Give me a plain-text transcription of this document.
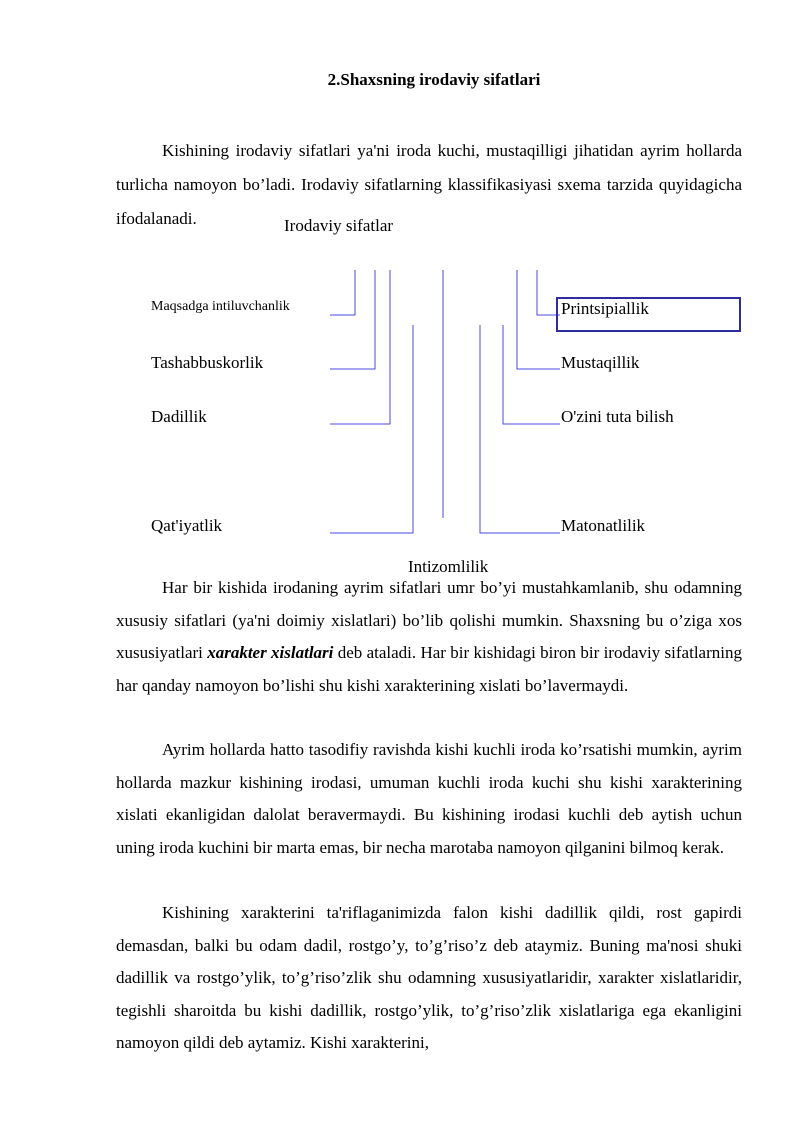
2.Shaxsning irodaviy sifatlari

Kishining irodaviy sifatlari ya'ni iroda kuchi, mustaqilligi jihatidan ayrim hollarda turlicha namoyon bo’ladi. Irodaviy sifatlarning klassifikasiyasi sxema tarzida quyidagicha ifodalanadi.	Irodaviy sifatlar
Maqsadga intiluvchanlik
Tashabbuskorlik
Dadillik
Qat'iyatlik
Printsipiallik
Mustaqillik
O'zini tuta bilish
Matonatlilik
Intizomlilik

Har bir kishida irodaning ayrim sifatlari umr bo’yi mustahkamlanib, shu odamning xususiy sifatlari (ya'ni doimiy xislatlari) bo’lib qolishi mumkin. Shaxsning bu o’ziga xos xususiyatlari xarakter xislatlari deb ataladi. Har bir kishidagi biron bir irodaviy sifatlarning har qanday namoyon bo’lishi shu kishi xarakterining xislati bo’lavermaydi.

Ayrim hollarda hatto tasodifiy ravishda kishi kuchli iroda ko’rsatishi mumkin, ayrim hollarda mazkur kishining irodasi, umuman kuchli iroda kuchi shu kishi xarakterining xislati ekanligidan dalolat beravermaydi. Bu kishining irodasi kuchli deb aytish uchun uning iroda kuchini bir marta emas, bir necha marotaba namoyon qilganini bilmoq kerak.

Kishining xarakterini ta'riflaganimizda falon kishi dadillik qildi, rost gapirdi demasdan, balki bu odam dadil, rostgo’y, to’g’riso’z deb ataymiz. Buning ma'nosi shuki dadillik va rostgo’ylik, to’g’riso’zlik shu odamning xususiyatlaridir, xarakter xislatlaridir, tegishli sharoitda bu kishi dadillik, rostgo’ylik, to’g’riso’zlik xislatlariga ega ekanligini namoyon qildi deb aytamiz. Kishi xarakterini,
